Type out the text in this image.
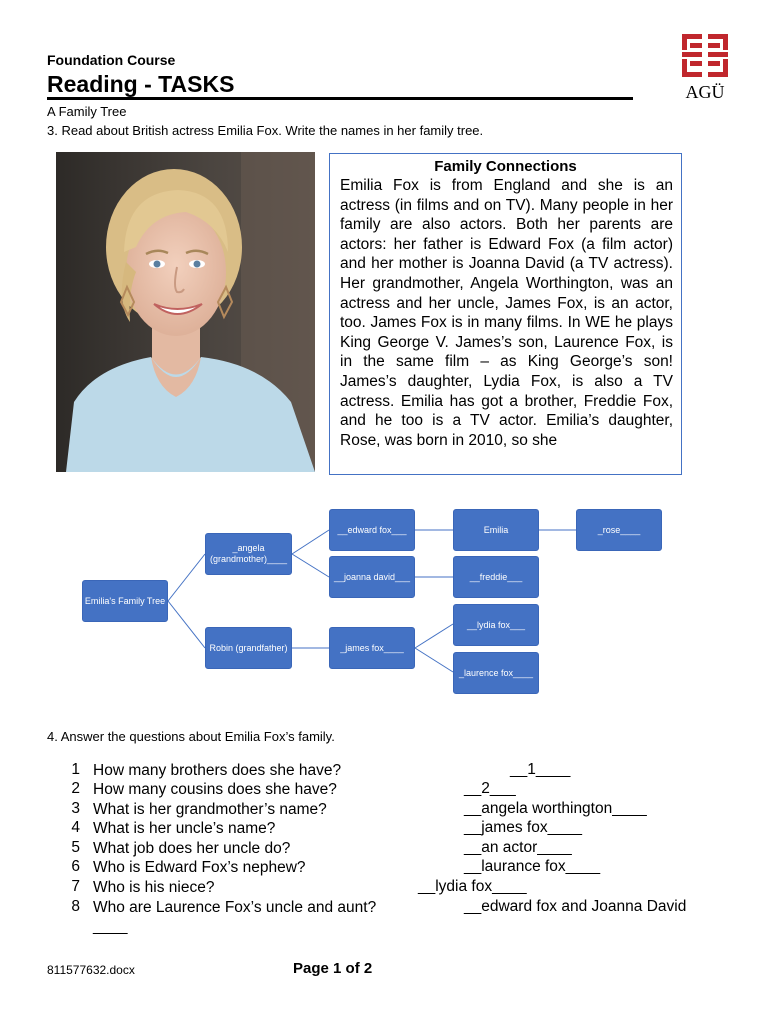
Foundation Course
Reading - TASKS
A Family Tree
3. Read about British actress Emilia Fox. Write the names in her family tree.
AGÜ
Family Connections
Emilia Fox is from England and she is an actress (in films and on TV). Many people in her family are also actors. Both her parents are actors: her father is Edward Fox (a film actor) and her mother is Joanna David (a TV actress). Her grandmother, Angela Worthington, was an actress and her uncle, James Fox, is an actor, too. James Fox is in many films. In WE he plays King George V. James’s son, Laurence Fox, is in the same film – as King George’s son! James’s daughter, Lydia Fox, is also a TV actress. Emilia has got a brother, Freddie Fox, and he too is a TV actor. Emilia’s daughter, Rose, was born in 2010, so she
Emilia's Family Tree
_angela (grandmother)____
Robin (grandfather)
__edward fox___
__joanna david___
_james fox____
Emilia
__freddie___
__lydia fox___
_laurence fox____
_rose____
4. Answer the questions about Emilia Fox’s family.
1 How many brothers does she have?	__1____
2 How many cousins does she have?	__2___
3 What is her grandmother’s name?	__angela worthington____
4 What is her uncle’s name?	__james fox____
5 What job does her uncle do?	__an actor____
6 Who is Edward Fox’s nephew?	__laurance fox____
7 Who is his niece?	__lydia fox____
8 Who are Laurence Fox’s uncle and aunt?	__edward fox and Joanna David
____
811577632.docx	Page 1 of 2
